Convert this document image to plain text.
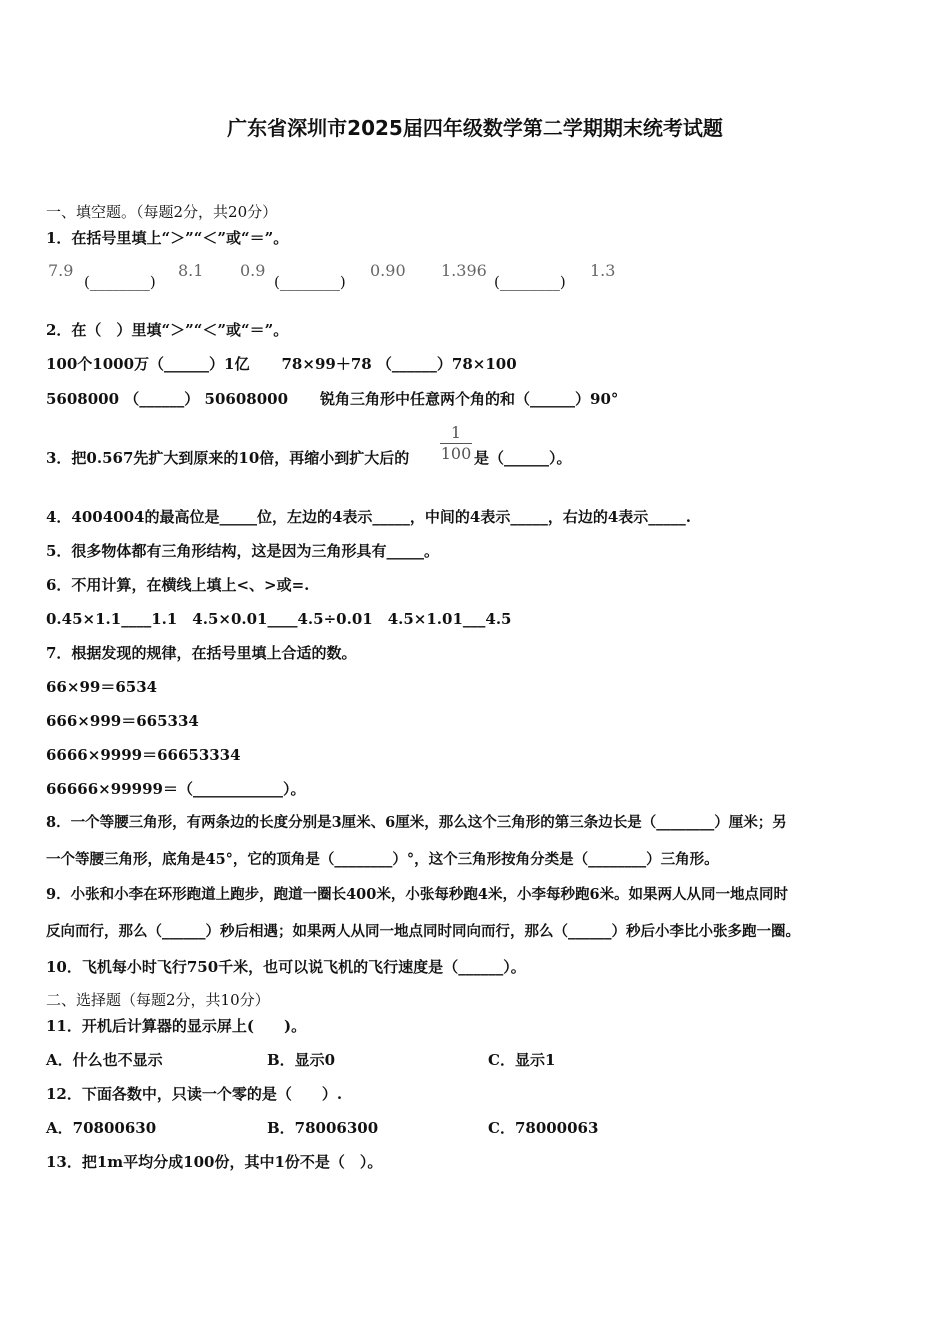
广东省深圳市2025届四年级数学第二学期期末统考试题
一、填空题。（每题2分，共20分）
1．在括号里填上“＞”“＜”或“＝”。
7.9
(________)
8.1 0.9
(________)
0.90 1.396
(________)
1.3
2．在（　）里填“＞”“＜”或“＝”。
100个1000万（______）1亿 78×99＋78 （______）78×100
5608000 （______） 50608000 锐角三角形中任意两个角的和（______）90°
3．把0.567先扩大到原来的10倍，再缩小到扩大后的
1
100 是（______）。
4．4004004的最高位是_____位，左边的4表示_____，中间的4表示_____，右边的4表示_____.
5．很多物体都有三角形结构，这是因为三角形具有_____。
6．不用计算，在横线上填上<、>或=.
0.45×1.1____1.1　4.5×0.01____4.5÷0.01　4.5×1.01___4.5
7．根据发现的规律，在括号里填上合适的数。
66×99＝6534
666×999＝665334
6666×9999＝66653334
66666×99999＝（____________）。
8．一个等腰三角形，有两条边的长度分别是3厘米、6厘米，那么这个三角形的第三条边长是（________）厘米；另
一个等腰三角形，底角是45°，它的顶角是（________）°，这个三角形按角分类是（________）三角形。
9．小张和小李在环形跑道上跑步，跑道一圈长400米，小张每秒跑4米，小李每秒跑6米。如果两人从同一地点同时
反向而行，那么（______）秒后相遇；如果两人从同一地点同时同向而行，那么（______）秒后小李比小张多跑一圈。
10．飞机每小时飞行750千米，也可以说飞机的飞行速度是（______）。
二、选择题（每题2分，共10分）
11．开机后计算器的显示屏上(　　)。
A．什么也不显示	B．显示0	C．显示1
12．下面各数中，只读一个零的是（　　）.
A．70800630	B．78006300	C．78000063
13．把1m平均分成100份，其中1份不是（　）。
